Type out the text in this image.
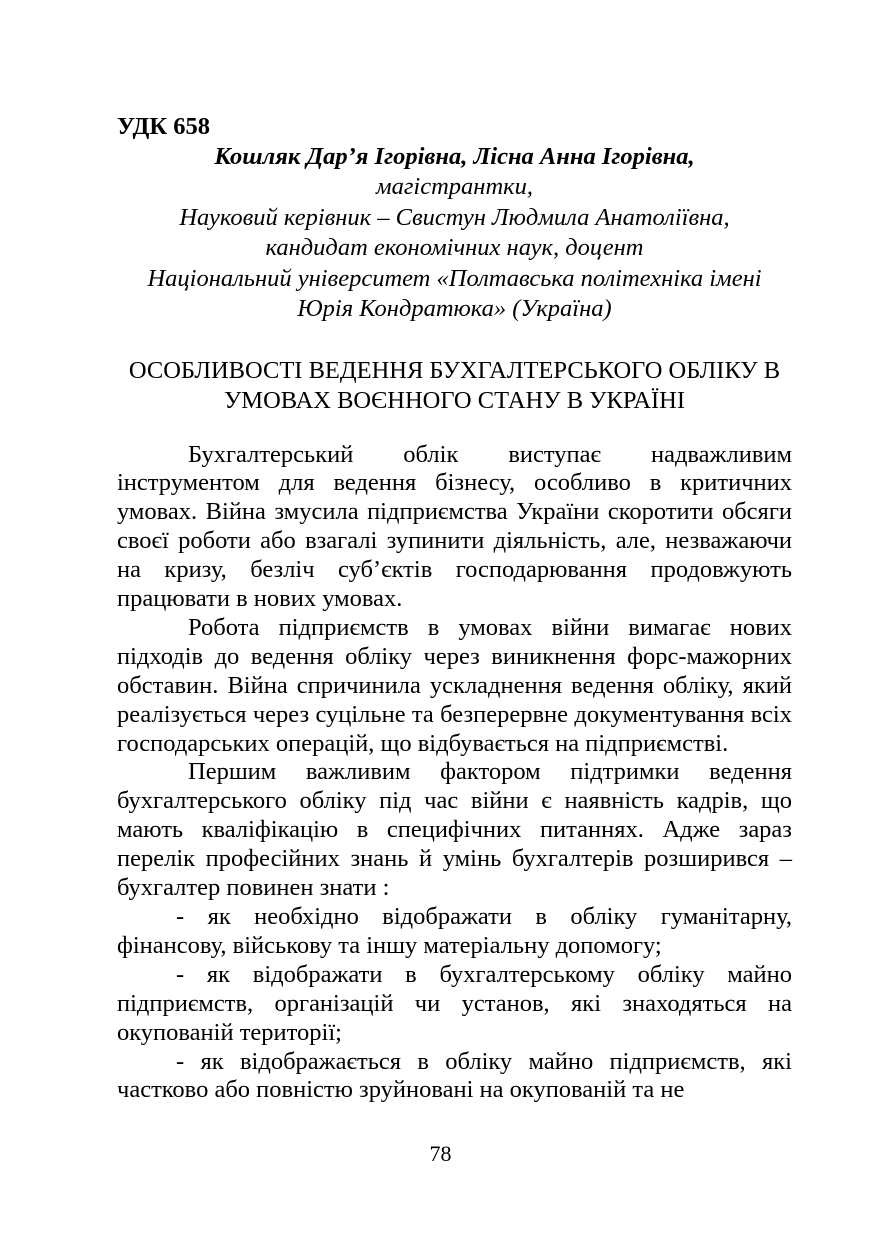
УДК 658

Кошляк Дар’я Ігорівна, Лісна Анна Ігорівна,

магістрантки,

Науковий керівник – Свистун Людмила Анатоліївна,

кандидат економічних наук, доцент

Національний університет «Полтавська політехніка імені

Юрія Кондратюка» (Україна)

ОСОБЛИВОСТІ ВЕДЕННЯ БУХГАЛТЕРСЬКОГО ОБЛІКУ В

УМОВАХ ВОЄННОГО СТАНУ В УКРАЇНІ

Бухгалтерський облік виступає надважливим інструментом для ведення бізнесу, особливо в критичних умовах. Війна змусила підприємства України скоротити обсяги своєї роботи або взагалі зупинити діяльність, але, незважаючи на кризу, безліч суб’єктів господарювання продовжують працювати в нових умовах.

Робота підприємств в умовах війни вимагає нових підходів до ведення обліку через виникнення форс-мажорних обставин. Війна спричинила ускладнення ведення обліку, який реалізується через суцільне та безперервне документування всіх господарських операцій, що відбувається на підприємстві.

Першим важливим фактором підтримки ведення бухгалтерського обліку під час війни є наявність кадрів, що мають кваліфікацію в специфічних питаннях. Адже зараз перелік професійних знань й умінь бухгалтерів розширився – бухгалтер повинен знати :

- як необхідно відображати в обліку гуманітарну, фінансову, військову та іншу матеріальну допомогу;

- як відображати в бухгалтерському обліку майно підприємств, організацій чи установ, які знаходяться на окупованій території;

- як відображається в обліку майно підприємств, які частково або повністю зруйновані на окупованій та не

78
